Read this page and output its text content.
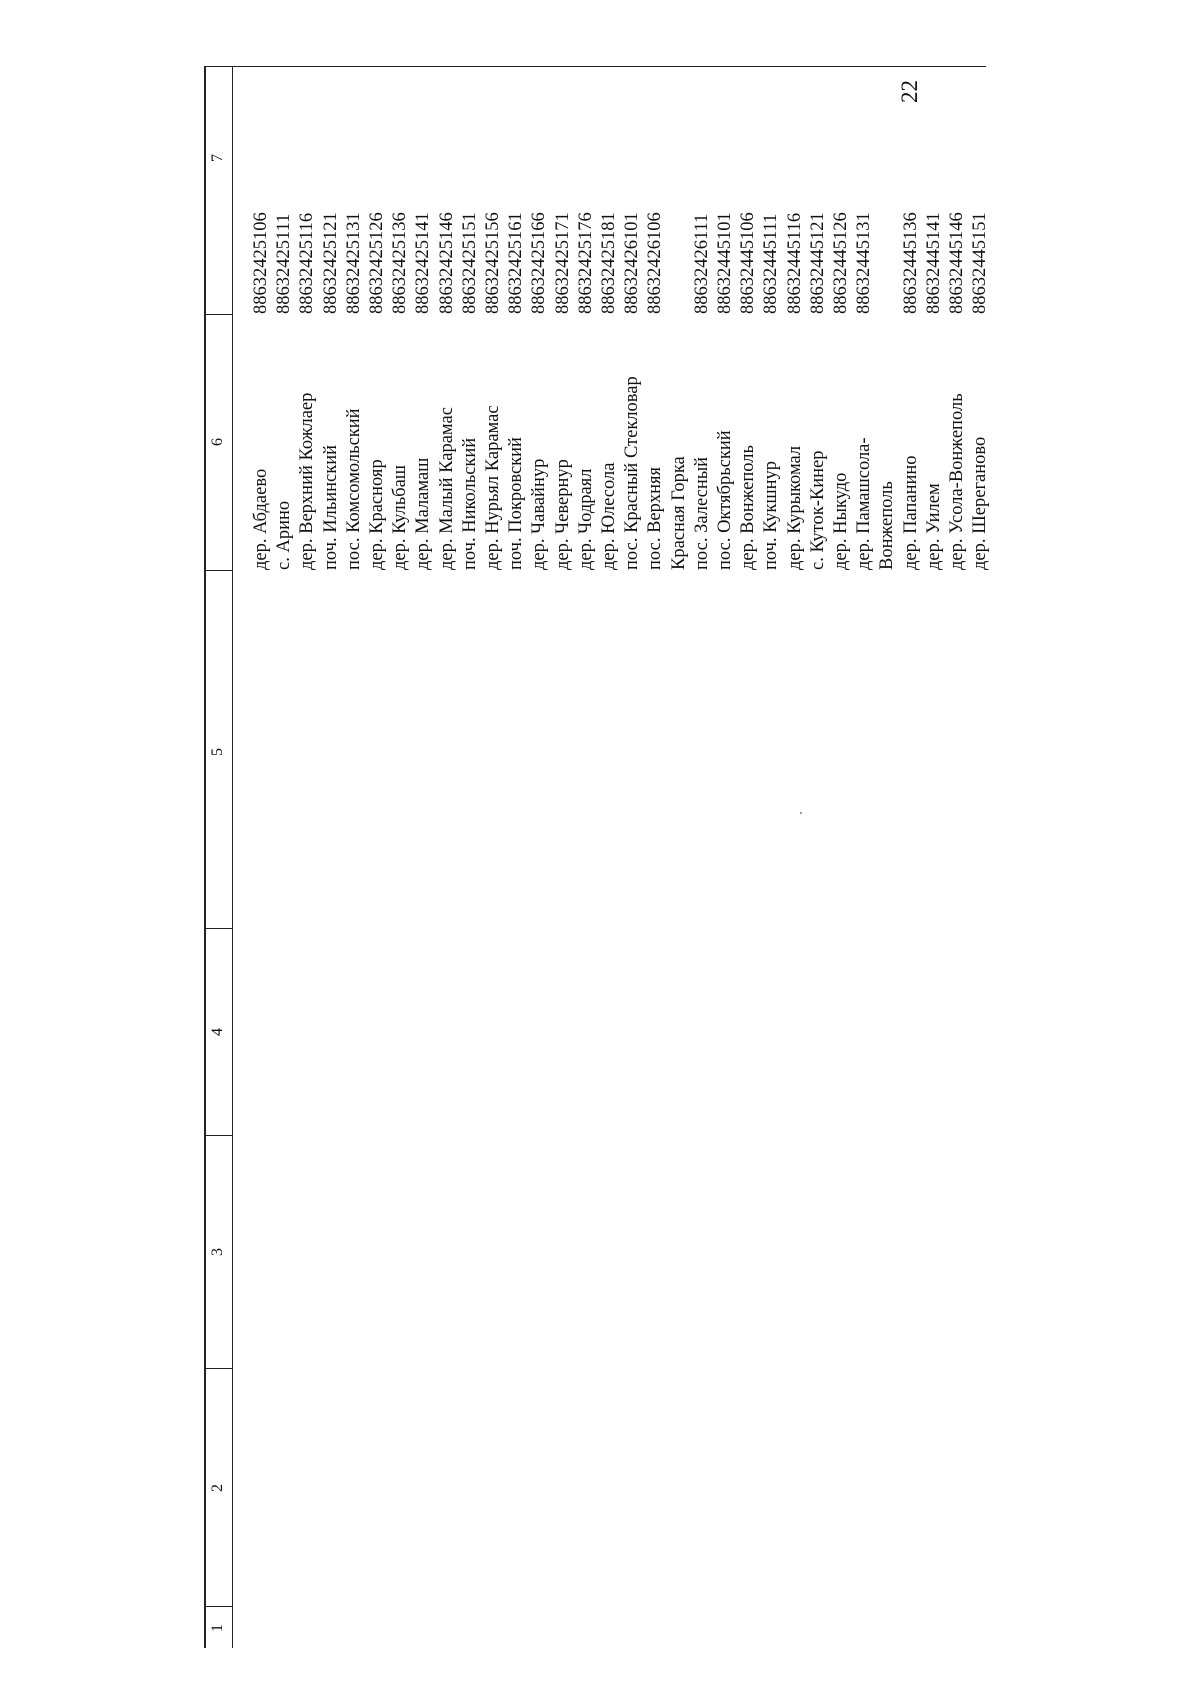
22
1
2
3
4
5
6
7
дер. Абдаево
88632425106
с. Арино
88632425111
дер. Верхний Кожлаер
88632425116
поч. Ильинский
88632425121
пос. Комсомольский
88632425131
дер. Краснояр
88632425126
дер. Кульбаш
88632425136
дер. Маламаш
88632425141
дер. Малый Карамас
88632425146
поч. Никольский
88632425151
дер. Нурьял Карамас
88632425156
поч. Покровский
88632425161
дер. Чавайнур
88632425166
дер. Чевернур
88632425171
дер. Чодраял
88632425176
дер. Юлесола
88632425181
пос. Красный Стекловар
88632426101
пос. Верхняя
88632426106
Красная Горка пос. Залесный
88632426111
пос. Октябрьский
88632445101
дер. Вонжеполь
88632445106
поч. Кукшнур
88632445111
дер. Курыкомал
88632445116
с. Куток-Кинер
88632445121
дер. Ныкудо
88632445126
дер. Памашсола-
88632445131
Вонжеполь дер. Папанино
88632445136
дер. Уилем
88632445141
дер. Усола-Вонжеполь
88632445146
дер. Шереганово
88632445151
